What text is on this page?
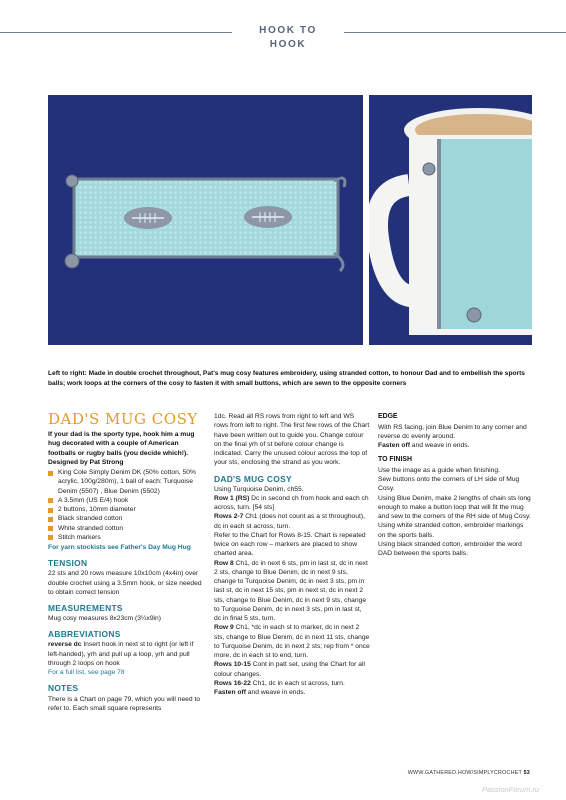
HOOK TO HOOK
Left to right: Made in double crochet throughout, Pat's mug cosy features embroidery, using stranded cotton, to honour Dad and to embellish the sports balls; work loops at the corners of the cosy to fasten it with small buttons, which are sewn to the opposite corners
DAD'S MUG COSY

If your dad is the sporty type, hook him a mug hug decorated with a couple of American footballs or rugby balls (you decide which!). Designed by Pat Strong

King Cole Simply Denim DK (50% cotton, 50% acrylic, 100g/280m), 1 ball of each: Turquoise Denim (5507) , Blue Denim (5502)
A 3.5mm (US E/4) hook
2 buttons, 10mm diameter
Black stranded cotton
White stranded cotton
Stitch markers

For yarn stockists see Father's Day Mug Hug

TENSION

22 sts and 20 rows measure 10x10cm (4x4in) over double crochet using a 3.5mm hook, or size needed to obtain correct tension

MEASUREMENTS

Mug cosy measures 8x23cm (3¼x9in)

ABBREVIATIONS

reverse dc Insert hook in next st to right (or left if left-handed), yrh and pull up a loop, yrh and pull through 2 loops on hook

For a full list, see page 78

NOTES

There is a Chart on page 79, which you will need to refer to. Each small square represents

1dc. Read all RS rows from right to left and WS rows from left to right. The first few rows of the Chart have been written out to guide you. Change colour on the final yrh of st before colour change is indicated. Carry the unused colour across the top of your sts, enclosing the strand as you work.

DAD'S MUG COSY

Using Turquoise Denim, ch55.

Row 1 (RS) Dc in second ch from hook and each ch across, turn. [54 sts]

Rows 2-7 Ch1 (does not count as a st throughout), dc in each st across, turn.

Refer to the Chart for Rows 8-15. Chart is repeated twice on each row – markers are placed to show charted area.

Row 8 Ch1, dc in next 6 sts, pm in last st, dc in next 2 sts, change to Blue Denim, dc in next 9 sts, change to Turquoise Denim, dc in next 3 sts, pm in last st, dc in next 15 sts, pm in next st, dc in next 2 sts, change to Blue Denim, dc in next 9 sts, change to Turquoise Denim, dc in next 3 sts, pm in last st, dc in final 5 sts, turn.

Row 9 Ch1, *dc in each st to marker, dc in next 2 sts, change to Blue Denim, dc in next 11 sts, change to Turquoise Denim, dc in next 2 sts; rep from * once more, dc in each st to end, turn.

Rows 10-15 Cont in patt set, using the Chart for all colour changes.

Rows 16-22 Ch1, dc in each st across, turn.

Fasten off and weave in ends.

EDGE

With RS facing, join Blue Denim to any corner and reverse dc evenly around.

Fasten off and weave in ends.

TO FINISH

Use the image as a guide when finishing.

Sew buttons onto the corners of LH side of Mug Cosy.

Using Blue Denim, make 2 lengths of chain sts long enough to make a button loop that will fit the mug and sew to the corners of the RH side of Mug Cosy.

Using white stranded cotton, embroider markings on the sports balls.

Using black stranded cotton, embroider the word DAD between the sports balls.

WWW.GATHERED.HOW/SIMPLYCROCHET 53
PassionForum.ru
